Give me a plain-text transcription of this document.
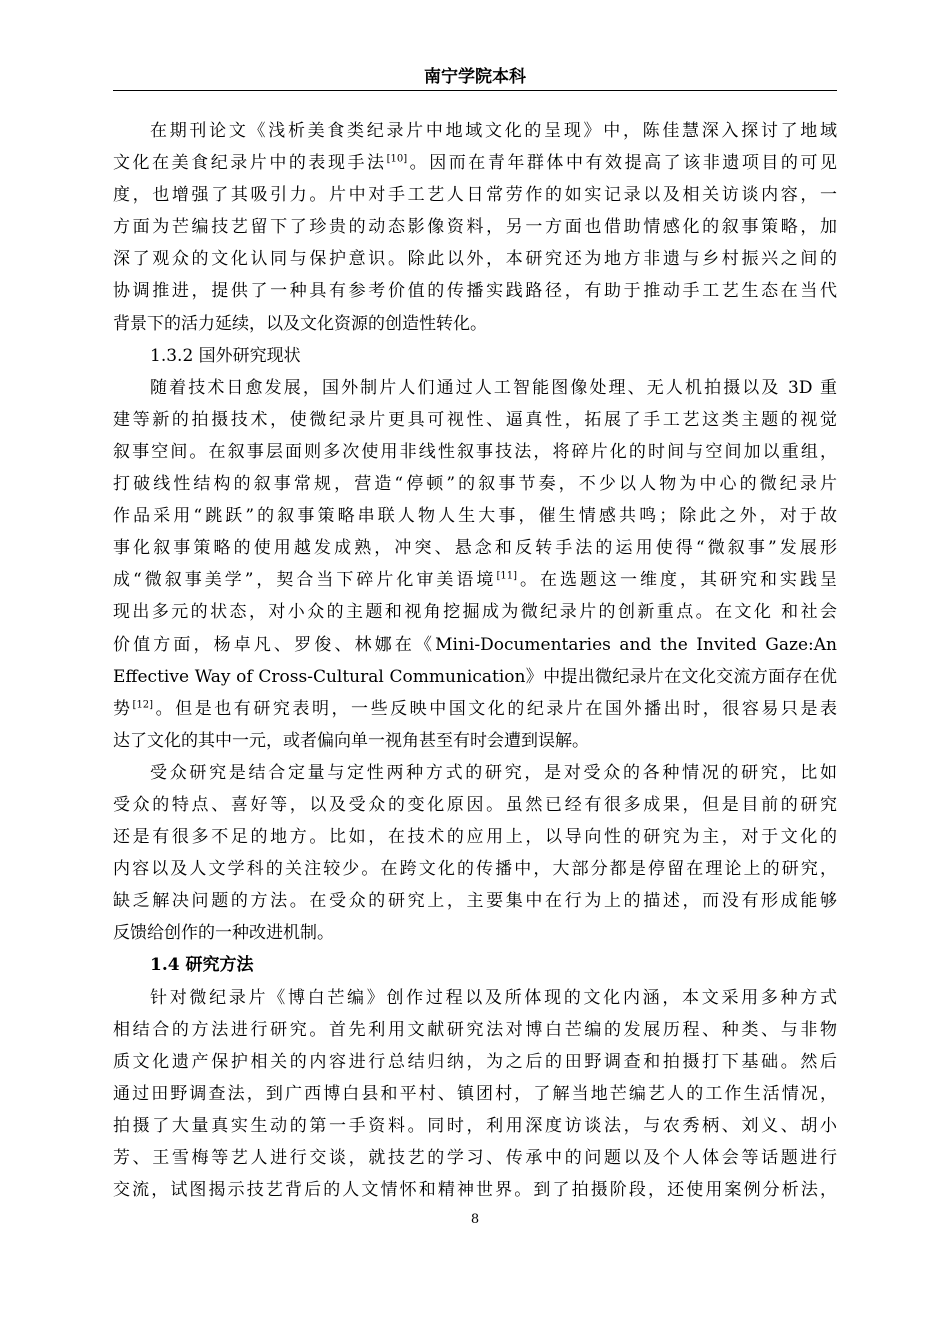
南宁学院本科
在期刊论文《浅析美食类纪录片中地域文化的呈现》中，陈佳慧深入探讨了地域
文化在美食纪录片中的表现手法[10]。因而在青年群体中有效提高了该非遗项目的可见
度，也增强了其吸引力。片中对手工艺人日常劳作的如实记录以及相关访谈内容，一
方面为芒编技艺留下了珍贵的动态影像资料，另一方面也借助情感化的叙事策略，加
深了观众的文化认同与保护意识。除此以外，本研究还为地方非遗与乡村振兴之间的
协调推进，提供了一种具有参考价值的传播实践路径，有助于推动手工艺生态在当代
背景下的活力延续，以及文化资源的创造性转化。
1.3.2 国外研究现状
随着技术日愈发展，国外制片人们通过人工智能图像处理、无人机拍摄以及 3D 重
建等新的拍摄技术，使微纪录片更具可视性、逼真性，拓展了手工艺这类主题的视觉
叙事空间。在叙事层面则多次使用非线性叙事技法，将碎片化的时间与空间加以重组，
打破线性结构的叙事常规，营造“停顿”的叙事节奏，不少以人物为中心的微纪录片
作品采用“跳跃”的叙事策略串联人物人生大事，催生情感共鸣；除此之外，对于故
事化叙事策略的使用越发成熟，冲突、悬念和反转手法的运用使得“微叙事”发展形
成“微叙事美学”，契合当下碎片化审美语境[11]。在选题这一维度，其研究和实践呈
现出多元的状态，对小众的主题和视角挖掘成为微纪录片的创新重点。在文化 和社会
价值方面，杨卓凡、罗俊、林娜在《Mini-Documentaries and the Invited Gaze:An
Effective Way of Cross-Cultural Communication》中提出微纪录片在文化交流方面存在优
势[12]。但是也有研究表明，一些反映中国文化的纪录片在国外播出时，很容易只是表
达了文化的其中一元，或者偏向单一视角甚至有时会遭到误解。
受众研究是结合定量与定性两种方式的研究，是对受众的各种情况的研究，比如
受众的特点、喜好等，以及受众的变化原因。虽然已经有很多成果，但是目前的研究
还是有很多不足的地方。比如，在技术的应用上，以导向性的研究为主，对于文化的
内容以及人文学科的关注较少。在跨文化的传播中，大部分都是停留在理论上的研究，
缺乏解决问题的方法。在受众的研究上，主要集中在行为上的描述，而没有形成能够
反馈给创作的一种改进机制。
1.4 研究方法
针对微纪录片《博白芒编》创作过程以及所体现的文化内涵，本文采用多种方式
相结合的方法进行研究。首先利用文献研究法对博白芒编的发展历程、种类、与非物
质文化遗产保护相关的内容进行总结归纳，为之后的田野调查和拍摄打下基础。然后
通过田野调查法，到广西博白县和平村、镇团村，了解当地芒编艺人的工作生活情况，
拍摄了大量真实生动的第一手资料。同时，利用深度访谈法，与农秀柄、刘义、胡小
芳、王雪梅等艺人进行交谈，就技艺的学习、传承中的问题以及个人体会等话题进行
交流，试图揭示技艺背后的人文情怀和精神世界。到了拍摄阶段，还使用案例分析法，
8
